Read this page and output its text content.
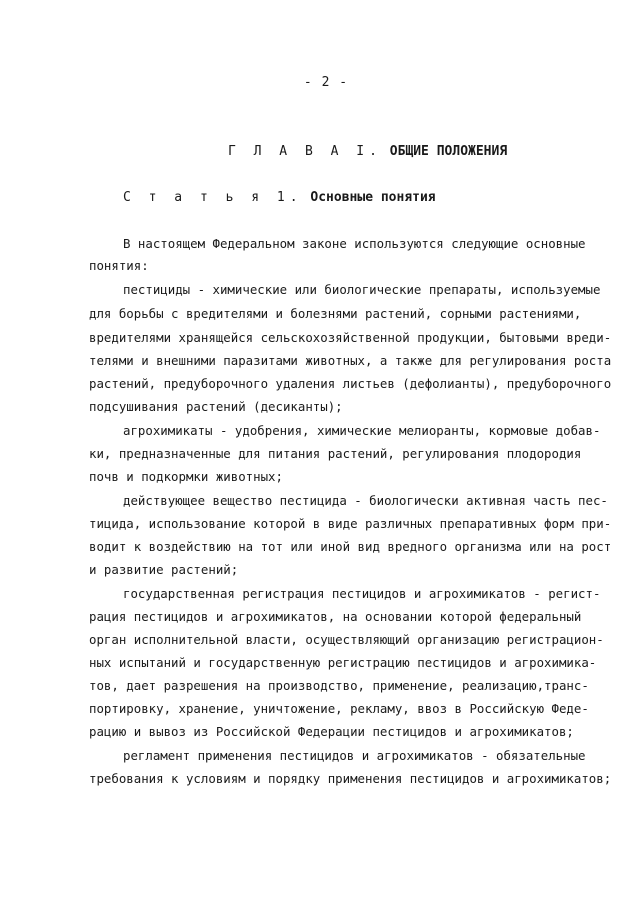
- 2 -
Г Л А В А I. ОБЩИЕ ПОЛОЖЕНИЯ
С т а т ь я 1. Основные понятия
В настоящем Федеральном законе используются следующие основные
понятия:
пестициды - химические или биологические препараты, используемые
для борьбы с вредителями и болезнями растений, сорными растениями,
вредителями хранящейся сельскохозяйственной продукции, бытовыми вреди-
телями и внешними паразитами животных, а также для регулирования роста
растений, предуборочного удаления листьев (дефолианты), предуборочного
подсушивания растений (десиканты);
агрохимикаты - удобрения, химические мелиоранты, кормовые добав-
ки, предназначенные для питания растений, регулирования плодородия
почв и подкормки животных;
действующее вещество пестицида - биологически активная часть пес-
тицида, использование которой в виде различных препаративных форм при-
водит к воздействию на тот или иной вид вредного организма или на рост
и развитие растений;
государственная регистрация пестицидов и агрохимикатов - регист-
рация пестицидов и агрохимикатов, на основании которой федеральный
орган исполнительной власти, осуществляющий организацию регистрацион-
ных испытаний и государственную регистрацию пестицидов и агрохимика-
тов, дает разрешения на производство, применение, реализацию,транс-
портировку, хранение, уничтожение, рекламу, ввоз в Российскую Феде-
рацию и вывоз из Российской Федерации пестицидов и агрохимикатов;
регламент применения пестицидов и агрохимикатов - обязательные
требования к условиям и порядку применения пестицидов и агрохимикатов;
